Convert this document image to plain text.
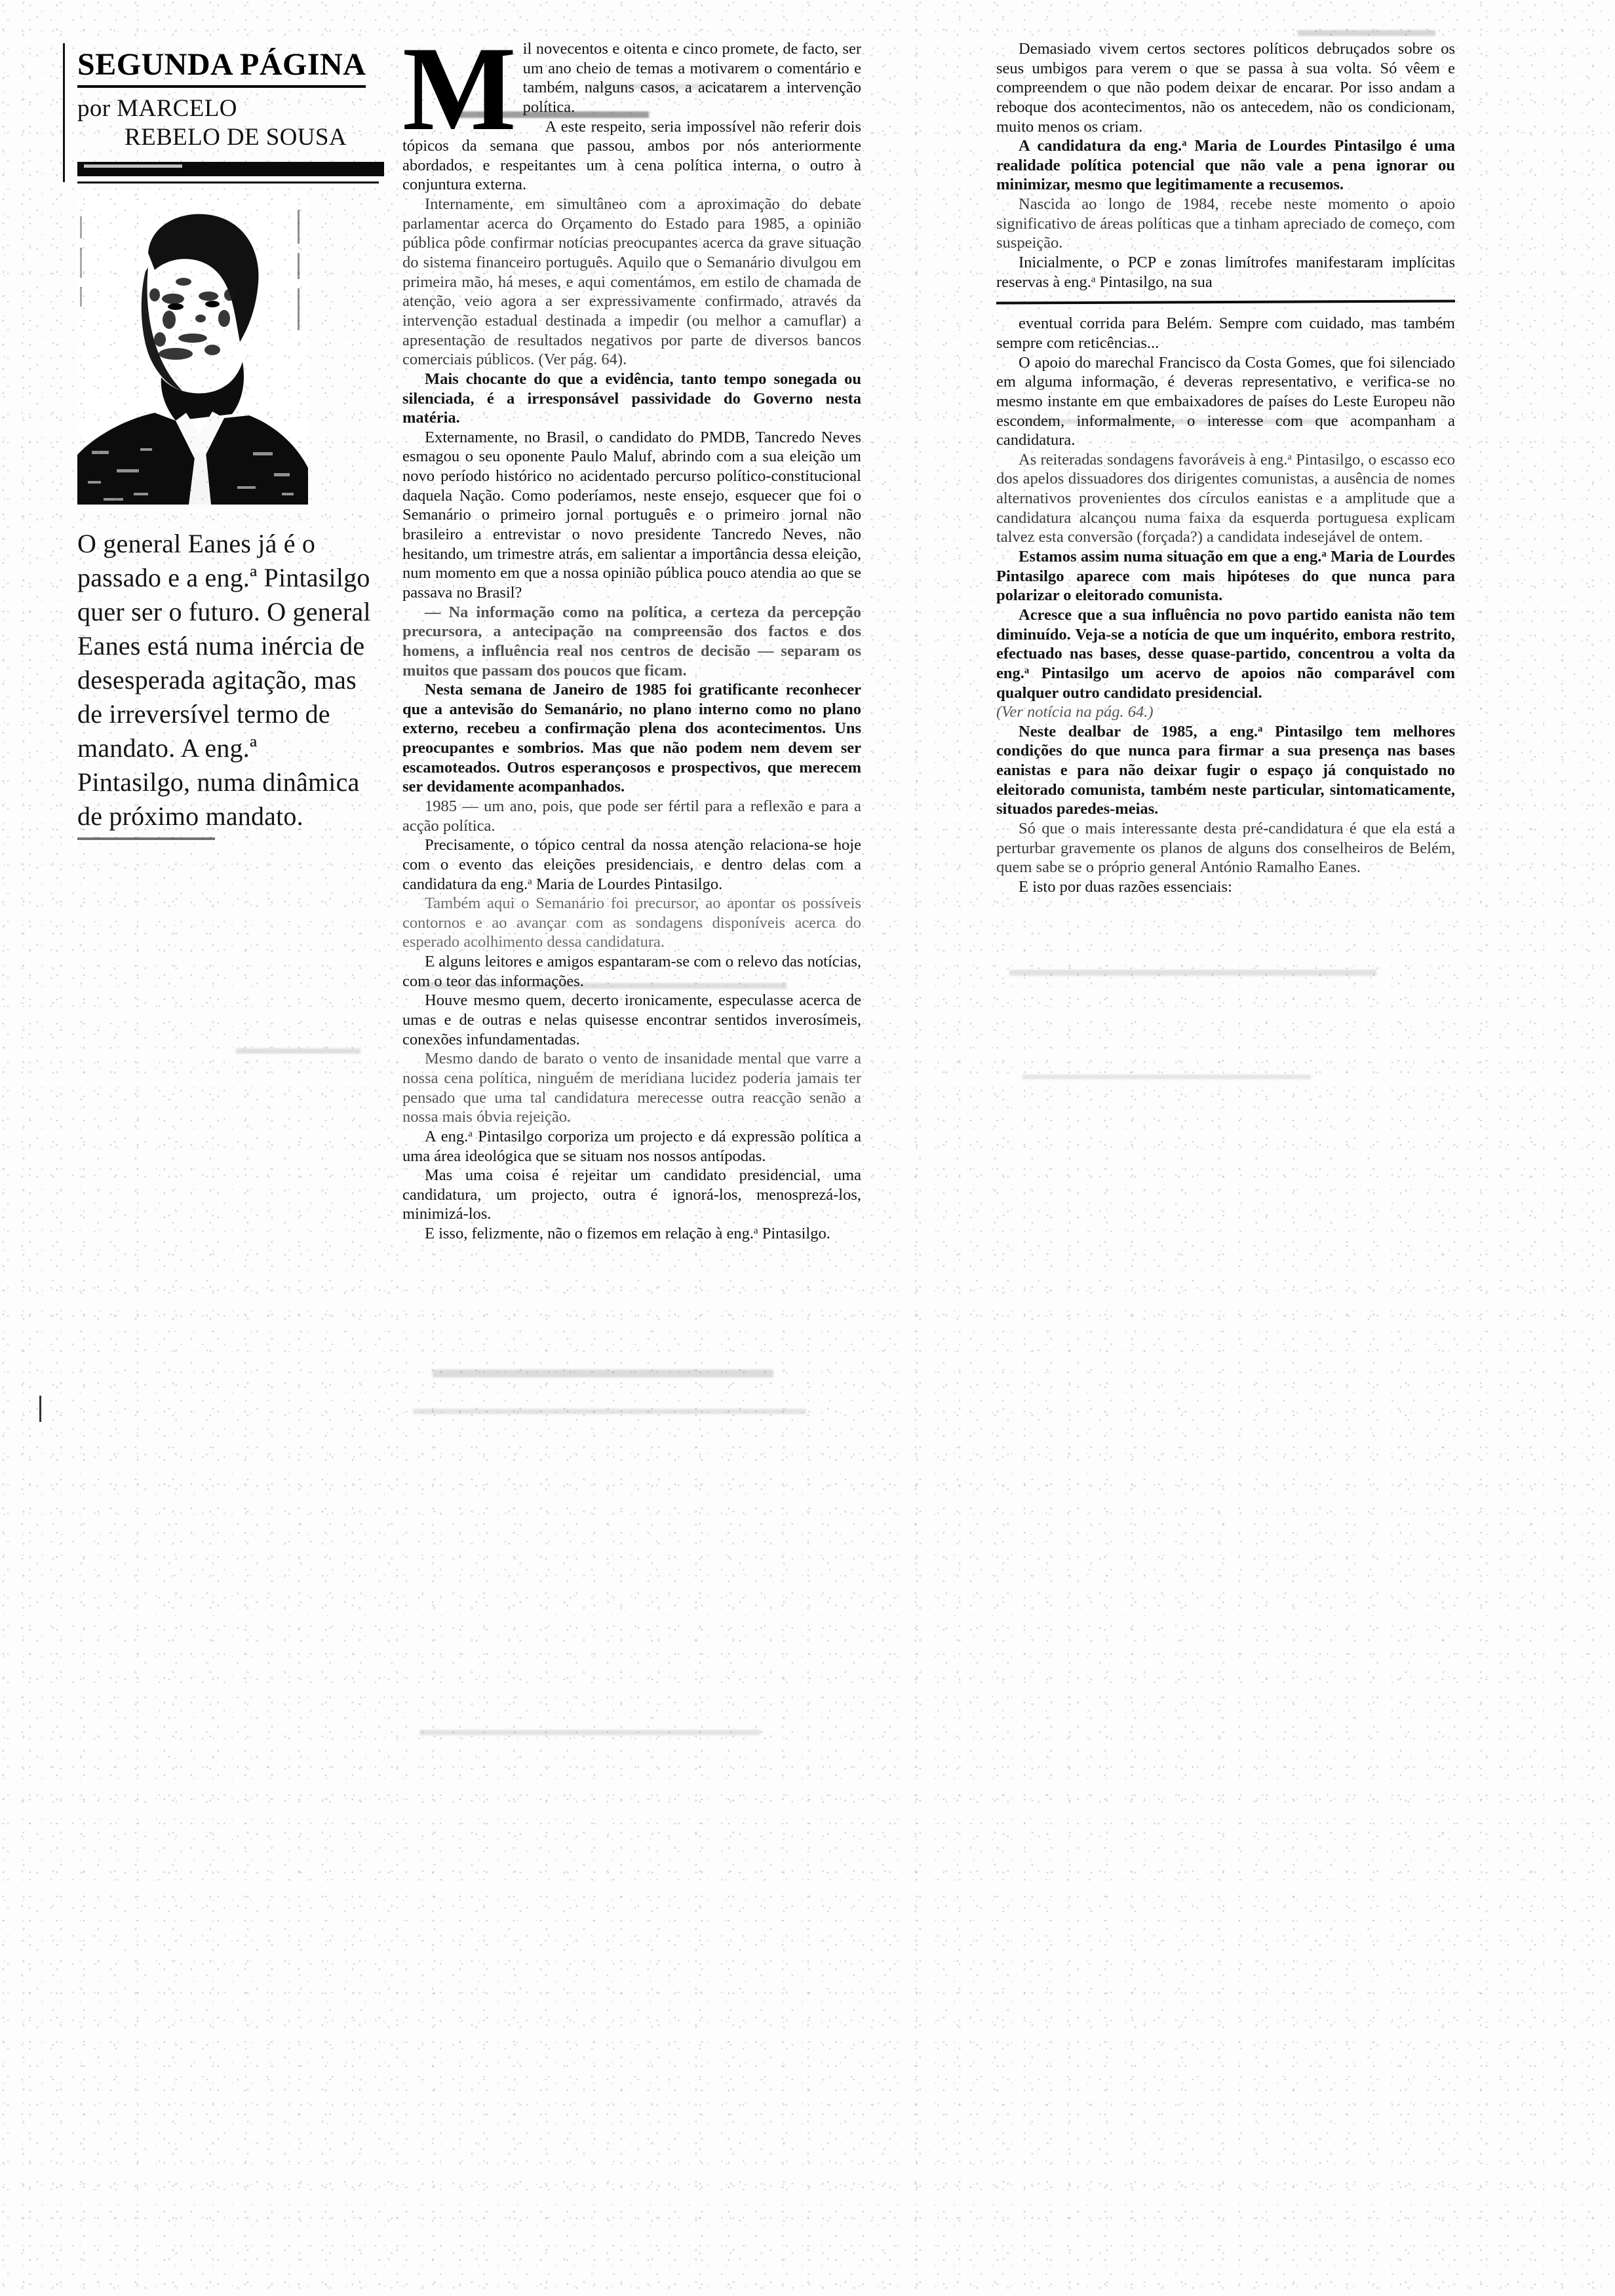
SEGUNDA PÁGINA
por MARCELO
REBELO DE SOUSA
O general Eanes já é o passado e a eng.ª Pintasilgo quer ser o futuro. O general Eanes está numa inércia de desesperada agitação, mas de irreversível termo de mandato. A eng.ª Pintasilgo, numa dinâmica de próximo mandato.

Mil novecentos e oitenta e cinco promete, de facto, ser um ano cheio de temas a motivarem o comentário e também, nalguns casos, a acicatarem a intervenção política.

A este respeito, seria impossível não referir dois tópicos da semana que passou, ambos por nós anteriormente abordados, e respeitantes um à cena política interna, o outro à conjuntura externa.

Internamente, em simultâneo com a aproximação do debate parlamentar acerca do Orçamento do Estado para 1985, a opinião pública pôde confirmar notícias preocupantes acerca da grave situação do sistema financeiro português. Aquilo que o Semanário divulgou em primeira mão, há meses, e aqui comentámos, em estilo de chamada de atenção, veio agora a ser expressivamente confirmado, através da intervenção estadual destinada a impedir (ou melhor a camuflar) a apresentação de resultados negativos por parte de diversos bancos comerciais públicos. (Ver pág. 64).

Mais chocante do que a evidência, tanto tempo sonegada ou silenciada, é a irresponsável passividade do Governo nesta matéria.

Externamente, no Brasil, o candidato do PMDB, Tancredo Neves esmagou o seu oponente Paulo Maluf, abrindo com a sua eleição um novo período histórico no acidentado percurso político-constitucional daquela Nação. Como poderíamos, neste ensejo, esquecer que foi o Semanário o primeiro jornal português e o primeiro jornal não brasileiro a entrevistar o novo presidente Tancredo Neves, não hesitando, um trimestre atrás, em salientar a importância dessa eleição, num momento em que a nossa opinião pública pouco atendia ao que se passava no Brasil?

— Na informação como na política, a certeza da percepção precursora, a antecipação na compreensão dos factos e dos homens, a influência real nos centros de decisão — separam os muitos que passam dos poucos que ficam.

Nesta semana de Janeiro de 1985 foi gratificante reconhecer que a antevisão do Semanário, no plano interno como no plano externo, recebeu a confirmação plena dos acontecimentos. Uns preocupantes e sombrios. Mas que não podem nem devem ser escamoteados. Outros esperançosos e prospectivos, que merecem ser devidamente acompanhados.

1985 — um ano, pois, que pode ser fértil para a reflexão e para a acção política.

Precisamente, o tópico central da nossa atenção relaciona-se hoje com o evento das eleições presidenciais, e dentro delas com a candidatura da eng.$^a$ Maria de Lourdes Pintasilgo.

Também aqui o Semanário foi precursor, ao apontar os possíveis contornos e ao avançar com as sondagens disponíveis acerca do esperado acolhimento dessa candidatura.

E alguns leitores e amigos espantaram-se com o relevo das notícias, com o teor das informações.

Houve mesmo quem, decerto ironicamente, especulasse acerca de umas e de outras e nelas quisesse encontrar sentidos inverosímeis, conexões infundamentadas.

Mesmo dando de barato o vento de insanidade mental que varre a nossa cena política, ninguém de meridiana lucidez poderia jamais ter pensado que uma tal candidatura merecesse outra reacção senão a nossa mais óbvia rejeição.

A eng.$^a$ Pintasilgo corporiza um projecto e dá expressão política a uma área ideológica que se situam nos nossos antípodas.

Mas uma coisa é rejeitar um candidato presidencial, uma candidatura, um projecto, outra é ignorá-los, menosprezá-los, minimizá-los.

E isso, felizmente, não o fizemos em relação à eng.$^a$ Pintasilgo.

Demasiado vivem certos sectores políticos debruçados sobre os seus umbigos para verem o que se passa à sua volta. Só vêem e compreendem o que não podem deixar de encarar. Por isso andam a reboque dos acontecimentos, não os antecedem, não os condicionam, muito menos os criam.

A candidatura da eng.$^a$ Maria de Lourdes Pintasilgo é uma realidade política potencial que não vale a pena ignorar ou minimizar, mesmo que legitimamente a recusemos.

Nascida ao longo de 1984, recebe neste momento o apoio significativo de áreas políticas que a tinham apreciado de começo, com suspeição.

Inicialmente, o PCP e zonas limítrofes manifestaram implícitas reservas à eng.$^a$ Pintasilgo, na sua

eventual corrida para Belém. Sempre com cuidado, mas também sempre com reticências...

O apoio do marechal Francisco da Costa Gomes, que foi silenciado em alguma informação, é deveras representativo, e verifica-se no mesmo instante em que embaixadores de países do Leste Europeu não escondem, informalmente, o interesse com que acompanham a candidatura.

As reiteradas sondagens favoráveis à eng.$^a$ Pintasilgo, o escasso eco dos apelos dissuadores dos dirigentes comunistas, a ausência de nomes alternativos provenientes dos círculos eanistas e a amplitude que a candidatura alcançou numa faixa da esquerda portuguesa explicam talvez esta conversão (forçada?) a candidata indesejável de ontem.

Estamos assim numa situação em que a eng.$^a$ Maria de Lourdes Pintasilgo aparece com mais hipóteses do que nunca para polarizar o eleitorado comunista.

Acresce que a sua influência no povo partido eanista não tem diminuído. Veja-se a notícia de que um inquérito, embora restrito, efectuado nas bases, desse quase-partido, concentrou a volta da eng.$^a$ Pintasilgo um acervo de apoios não comparável com qualquer outro candidato presidencial.

(Ver notícia na pág. 64.)

Neste dealbar de 1985, a eng.$^a$ Pintasilgo tem melhores condições do que nunca para firmar a sua presença nas bases eanistas e para não deixar fugir o espaço já conquistado no eleitorado comunista, também neste particular, sintomaticamente, situados paredes-meias.

Só que o mais interessante desta pré-candidatura é que ela está a perturbar gravemente os planos de alguns dos conselheiros de Belém, quem sabe se o próprio general António Ramalho Eanes.

E isto por duas razões essenciais:
